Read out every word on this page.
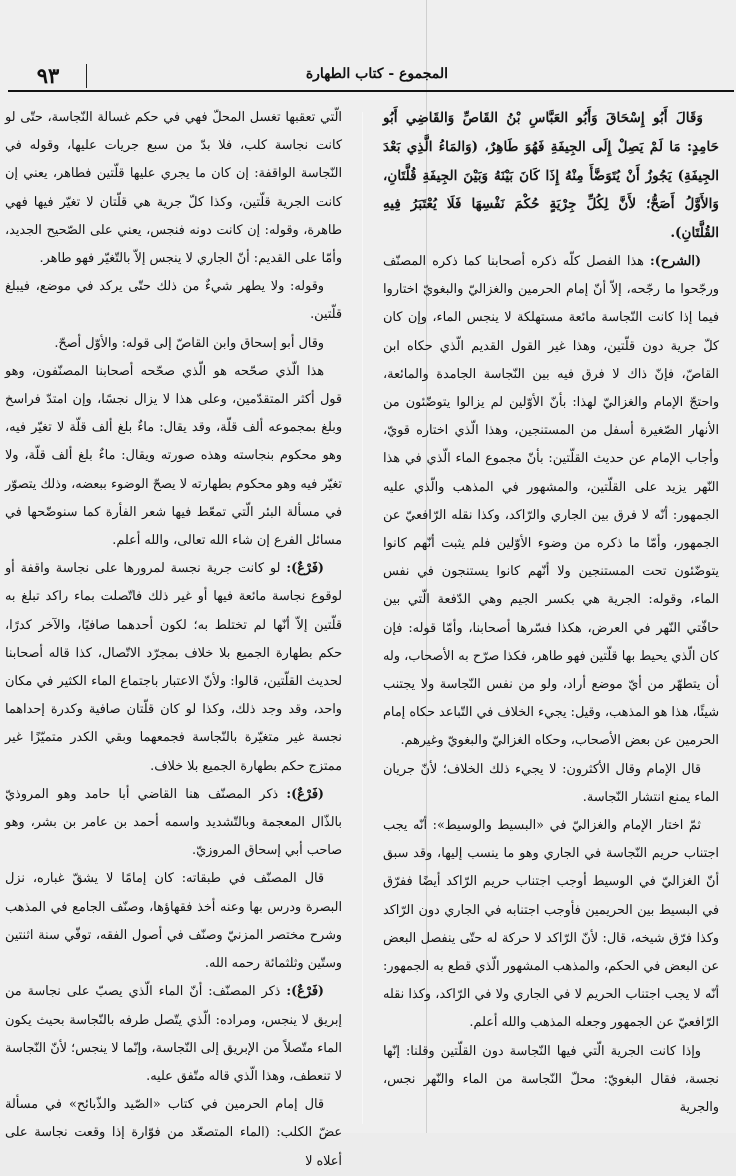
٩٣	المجموع - كتاب الطهارة

وَقَالَ أَبُو إِسْحَاقَ وَأَبُو العَبَّاسِ بْنُ القَاصِّ وَالقَاضِي أَبُو حَامِدٍ: مَا لَمْ يَصِلْ إِلَى الجِيفَةِ فَهُوَ طَاهِرٌ، (وَالمَاءُ الَّذِي بَعْدَ الجِيفَةِ) يَجُوزُ أَنْ يُتَوَضَّأَ مِنْهُ إِذَا كَانَ بَيْنَهُ وَبَيْنَ الجِيفَةِ قُلَّتَانِ، وَالأَوَّلُ أَصَحُّ؛ لأَنَّ لِكُلِّ جِرْيَةٍ حُكْمَ نَفْسِهَا فَلَا يُعْتَبَرُ فِيهِ القُلَّتَانِ).

(الشرح): هذا الفصل كلّه ذكره أصحابنا كما ذكره المصنّف ورجّحوا ما رجّحه، إلاّ أنّ إمام الحرمين والغزاليّ والبغويّ اختاروا فيما إذا كانت النّجاسة مائعة مستهلكة لا ينجس الماء، وإن كان كلّ جرية دون قلّتين، وهذا غير القول القديم الّذي حكاه ابن القاصّ، فإنّ ذاك لا فرق فيه بين النّجاسة الجامدة والمائعة، واحتجّ الإمام والغزاليّ لهذا: بأنّ الأوّلين لم يزالوا يتوضّئون من الأنهار الصّغيرة أسفل من المستنجين، وهذا الّذي اختاره قويّ، وأجاب الإمام عن حديث القلّتين: بأنّ مجموع الماء الّذي في هذا النّهر يزيد على القلّتين، والمشهور في المذهب والّذي عليه الجمهور: أنّه لا فرق بين الجاري والرّاكد، وكذا نقله الرّافعيّ عن الجمهور، وأمّا ما ذكره من وضوء الأوّلين فلم يثبت أنّهم كانوا يتوضّئون تحت المستنجين ولا أنّهم كانوا يستنجون في نفس الماء، وقوله: الجرية هي بكسر الجيم وهي الدّفعة الّتي بين حافّتي النّهر في العرض، هكذا فسّرها أصحابنا، وأمّا قوله: فإن كان الّذي يحيط بها قلّتين فهو طاهر، فكذا صرّح به الأصحاب، وله أن يتطهّر من أيّ موضع أراد، ولو من نفس النّجاسة ولا يجتنب شيئًا، هذا هو المذهب، وقيل: يجيء الخلاف في التّباعد حكاه إمام الحرمين عن بعض الأصحاب، وحكاه الغزاليّ والبغويّ وغيرهم.

قال الإمام وقال الأكثرون: لا يجيء ذلك الخلاف؛ لأنّ جريان الماء يمنع انتشار النّجاسة.

ثمّ اختار الإمام والغزاليّ في «البسيط والوسيط»: أنّه يجب اجتناب حريم النّجاسة في الجاري وهو ما ينسب إليها، وقد سبق أنّ الغزاليّ في الوسيط أوجب اجتناب حريم الرّاكد أيضًا ففرّق في البسيط بين الحريمين فأوجب اجتنابه في الجاري دون الرّاكد وكذا فرّق شيخه، قال: لأنّ الرّاكد لا حركة له حتّى ينفصل البعض عن البعض في الحكم، والمذهب المشهور الّذي قطع به الجمهور: أنّه لا يجب اجتناب الحريم لا في الجاري ولا في الرّاكد، وكذا نقله الرّافعيّ عن الجمهور وجعله المذهب والله أعلم.

وإذا كانت الجرية الّتي فيها النّجاسة دون القلّتين وقلنا: إنّها نجسة، فقال البغويّ: محلّ النّجاسة من الماء والنّهر نجس، والجرية

الّتي تعقبها تغسل المحلّ فهي في حكم غسالة النّجاسة، حتّى لو كانت نجاسة كلب، فلا بدّ من سبع جريات عليها، وقوله في النّجاسة الواقفة: إن كان ما يجري عليها قلّتين فطاهر، يعني إن كانت الجرية قلّتين، وكذا كلّ جرية هي قلّتان لا تغيّر فيها فهي طاهرة، وقوله: إن كانت دونه فنجس، يعني على الصّحيح الجديد، وأمّا على القديم: أنّ الجاري لا ينجس إلاّ بالتّغيّر فهو طاهر.

وقوله: ولا يطهر شيءٌ من ذلك حتّى يركد في موضع، فيبلغ قلّتين.

وقال أبو إسحاق وابن القاصّ إلى قوله: والأوّل أصحّ.

هذا الّذي صحّحه هو الّذي صحّحه أصحابنا المصنّفون، وهو قول أكثر المتقدّمين، وعلى هذا لا يزال نجسًا، وإن امتدّ فراسخ وبلغ بمجموعه ألف قلّة، وقد يقال: ماءٌ بلغ ألف قلّة لا تغيّر فيه، وهو محكوم بنجاسته وهذه صورته ويقال: ماءٌ بلغ ألف قلّة، ولا تغيّر فيه وهو محكوم بطهارته لا يصحّ الوضوء ببعضه، وذلك يتصوّر في مسألة البئر الّتي تمعّط فيها شعر الفأرة كما سنوضّحها في مسائل الفرع إن شاء الله تعالى، والله أعلم.

(فَرْعٌ): لو كانت جرية نجسة لمرورها على نجاسة واقفة أو لوقوع نجاسة مائعة فيها أو غير ذلك فاتّصلت بماء راكد تبلغ به قلّتين إلاّ أنّها لم تختلط به؛ لكون أحدهما صافيًا، والآخر كدرًا، حكم بطهارة الجميع بلا خلاف بمجرّد الاتّصال، كذا قاله أصحابنا لحديث القلّتين، قالوا: ولأنّ الاعتبار باجتماع الماء الكثير في مكان واحد، وقد وجد ذلك، وكذا لو كان قلّتان صافية وكدرة إحداهما نجسة غير متغيّرة بالنّجاسة فجمعهما وبقي الكدر متميّزًا غير ممتزج حكم بطهارة الجميع بلا خلاف.

(فَرْعٌ): ذكر المصنّف هنا القاضي أبا حامد وهو المروذيّ بالذّال المعجمة وبالتّشديد واسمه أحمد بن عامر بن بشر، وهو صاحب أبي إسحاق المروزيّ.

قال المصنّف في طبقاته: كان إمامًا لا يشقّ غباره، نزل البصرة ودرس بها وعنه أخذ فقهاؤها، وصنّف الجامع في المذهب وشرح مختصر المزنيّ وصنّف في أصول الفقه، توفّي سنة اثنتين وستّين وثلثمائة رحمه الله.

(فَرْعٌ): ذكر المصنّف: أنّ الماء الّذي يصبّ على نجاسة من إبريق لا ينجس، ومراده: الّذي يتّصل طرفه بالنّجاسة بحيث يكون الماء متّصلاً من الإبريق إلى النّجاسة، وإنّما لا ينجس؛ لأنّ النّجاسة لا تنعطف، وهذا الّذي قاله متّفق عليه.

قال إمام الحرمين في كتاب «الصّيد والذّبائح» في مسألة عضّ الكلب: (الماء المتصعّد من فوّارة إذا وقعت نجاسة على أعلاه لا
